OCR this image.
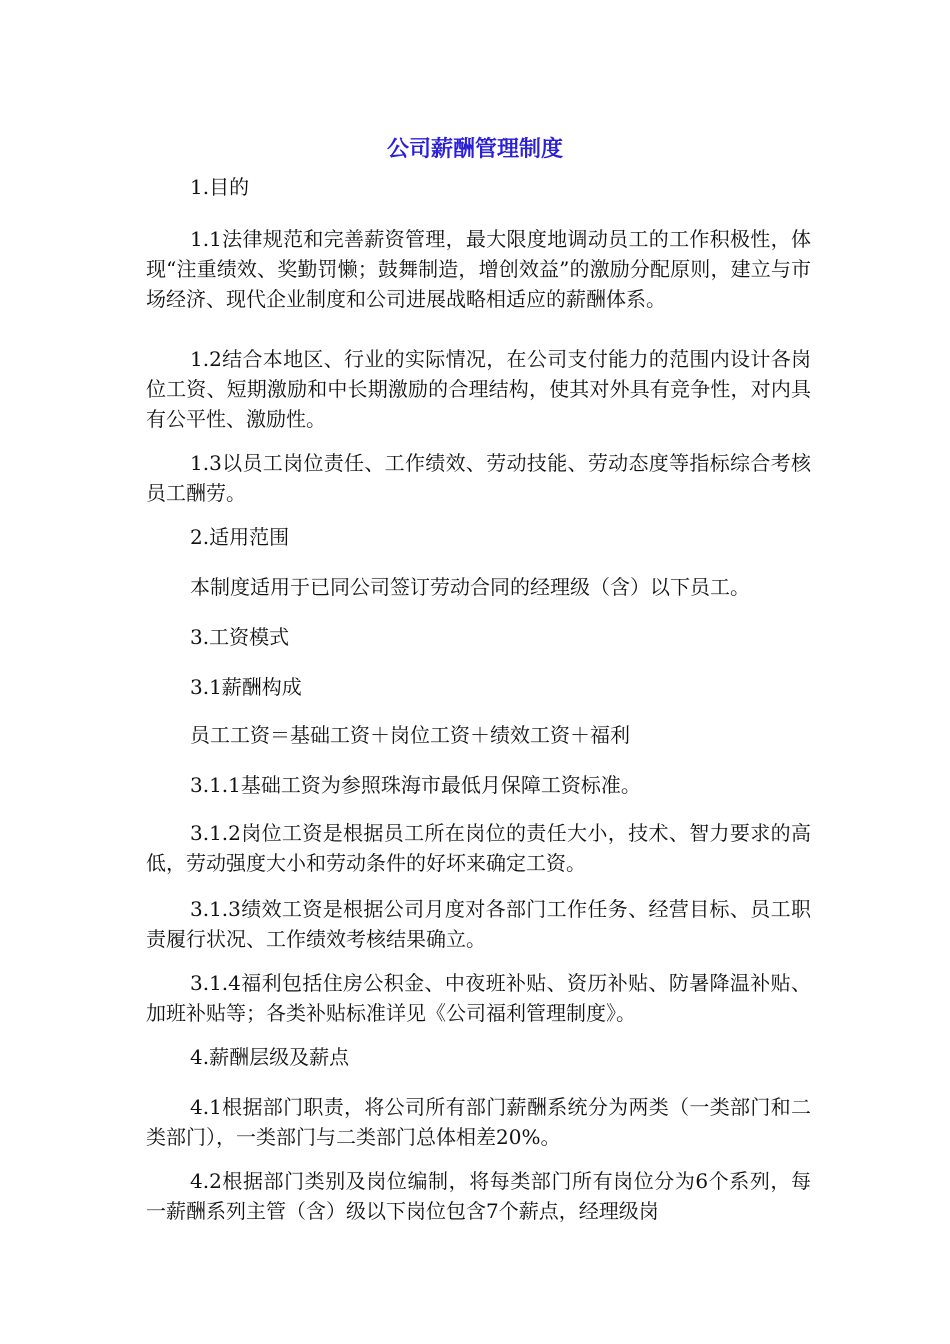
公司薪酬管理制度

1.目的

1.1法律规范和完善薪资管理，最大限度地调动员工的工作积极性，体现“注重绩效、奖勤罚懒；鼓舞制造，增创效益”的激励分配原则，建立与市场经济、现代企业制度和公司进展战略相适应的薪酬体系。

1.2结合本地区、行业的实际情况，在公司支付能力的范围内设计各岗位工资、短期激励和中长期激励的合理结构，使其对外具有竞争性，对内具有公平性、激励性。

1.3以员工岗位责任、工作绩效、劳动技能、劳动态度等指标综合考核员工酬劳。

2.适用范围

本制度适用于已同公司签订劳动合同的经理级（含）以下员工。

3.工资模式

3.1薪酬构成

员工工资＝基础工资＋岗位工资＋绩效工资＋福利

3.1.1基础工资为参照珠海市最低月保障工资标准。

3.1.2岗位工资是根据员工所在岗位的责任大小，技术、智力要求的高低，劳动强度大小和劳动条件的好坏来确定工资。

3.1.3绩效工资是根据公司月度对各部门工作任务、经营目标、员工职责履行状况、工作绩效考核结果确立。

3.1.4福利包括住房公积金、中夜班补贴、资历补贴、防暑降温补贴、加班补贴等；各类补贴标准详见《公司福利管理制度》。

4.薪酬层级及薪点

4.1根据部门职责，将公司所有部门薪酬系统分为两类（一类部门和二类部门），一类部门与二类部门总体相差20%。

4.2根据部门类别及岗位编制，将每类部门所有岗位分为6个系列，每一薪酬系列主管（含）级以下岗位包含7个薪点，经理级岗
